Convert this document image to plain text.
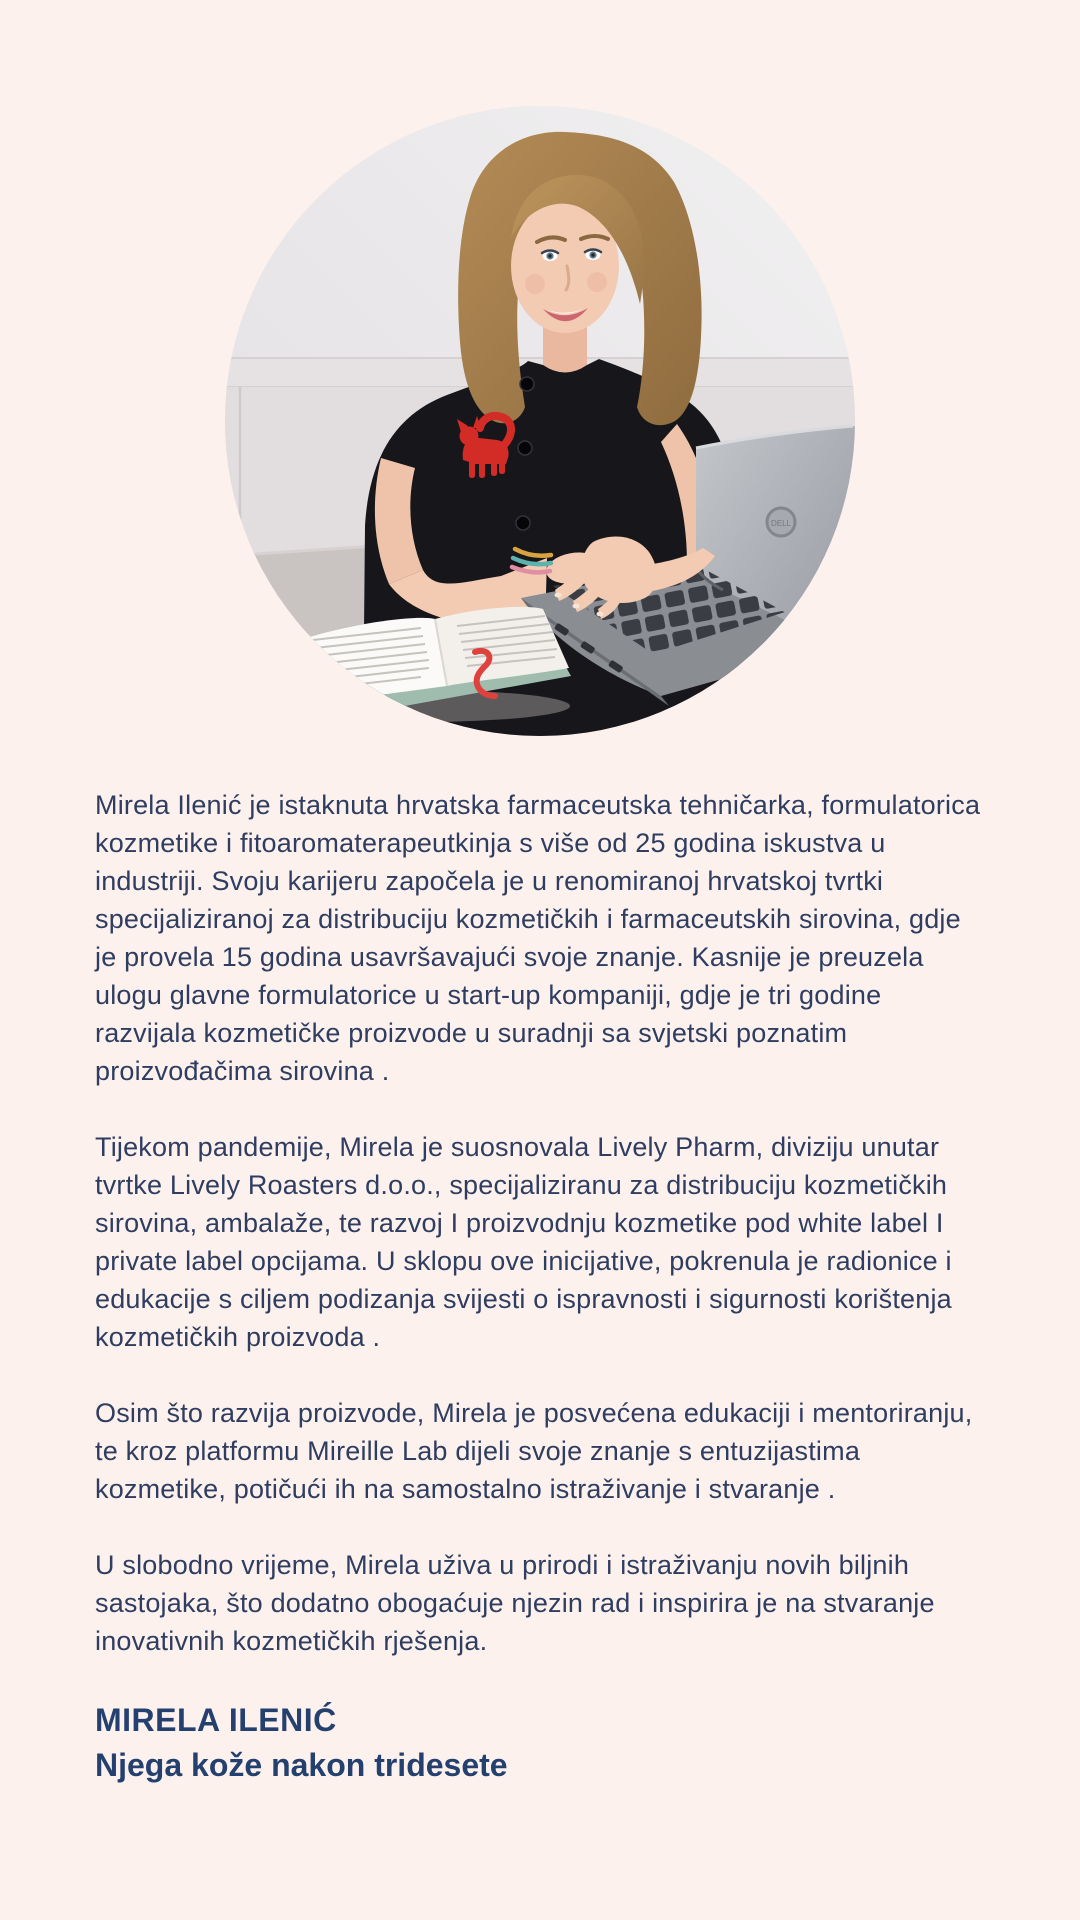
DELL

Mirela Ilenić je istaknuta hrvatska farmaceutska tehničarka, formulatorica kozmetike i fitoaromaterapeutkinja s više od 25 godina iskustva u industriji. Svoju karijeru započela je u renomiranoj hrvatskoj tvrtki specijaliziranoj za distribuciju kozmetičkih i farmaceutskih sirovina, gdje je provela 15 godina usavršavajući svoje znanje. Kasnije je preuzela ulogu glavne formulatorice u start-up kompaniji, gdje je tri godine razvijala kozmetičke proizvode u suradnji sa svjetski poznatim proizvođačima sirovina .

Tijekom pandemije, Mirela je suosnovala Lively Pharm, diviziju unutar tvrtke Lively Roasters d.o.o., specijaliziranu za distribuciju kozmetičkih sirovina, ambalaže, te razvoj I proizvodnju kozmetike pod white label I private label opcijama. U sklopu ove inicijative, pokrenula je radionice i edukacije s ciljem podizanja svijesti o ispravnosti i sigurnosti korištenja kozmetičkih proizvoda .

Osim što razvija proizvode, Mirela je posvećena edukaciji i mentoriranju, te kroz platformu Mireille Lab dijeli svoje znanje s entuzijastima kozmetike, potičući ih na samostalno istraživanje i stvaranje .

U slobodno vrijeme, Mirela uživa u prirodi i istraživanju novih biljnih sastojaka, što dodatno obogaćuje njezin rad i inspirira je na stvaranje inovativnih kozmetičkih rješenja.

MIRELA ILENIĆ
Njega kože nakon tridesete
